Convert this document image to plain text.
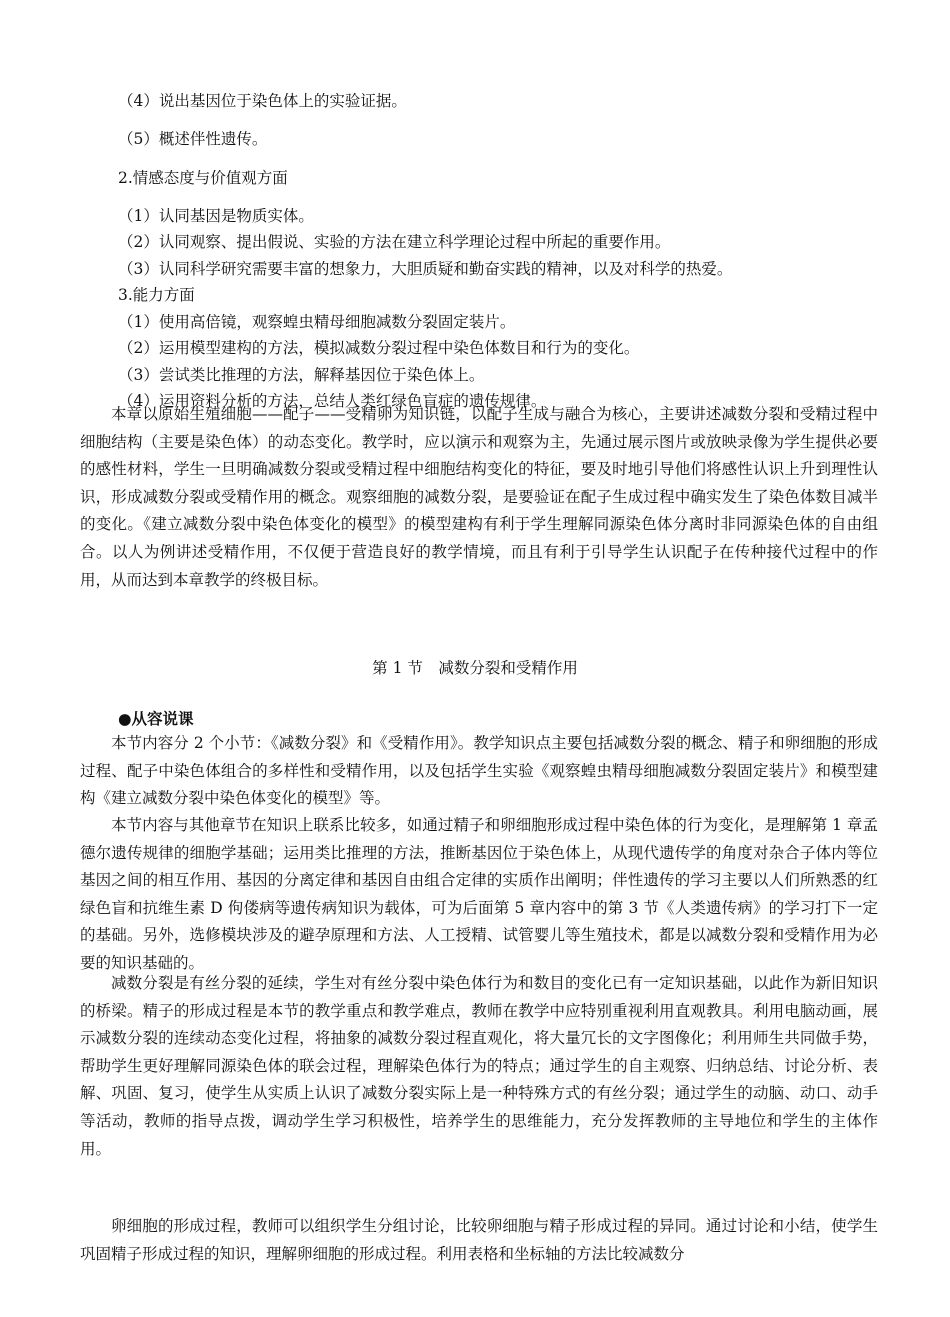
（4）说出基因位于染色体上的实验证据。
（5）概述伴性遗传。
2.情感态度与价值观方面
（1）认同基因是物质实体。
（2）认同观察、提出假说、实验的方法在建立科学理论过程中所起的重要作用。
（3）认同科学研究需要丰富的想象力，大胆质疑和勤奋实践的精神，以及对科学的热爱。
3.能力方面
（1）使用高倍镜，观察蝗虫精母细胞减数分裂固定装片。
（2）运用模型建构的方法，模拟减数分裂过程中染色体数目和行为的变化。
（3）尝试类比推理的方法，解释基因位于染色体上。
（4）运用资料分析的方法，总结人类红绿色盲症的遗传规律。

本章以原始生殖细胞——配子——受精卵为知识链，以配子生成与融合为核心，主要讲述减数分裂和受精过程中细胞结构（主要是染色体）的动态变化。教学时，应以演示和观察为主，先通过展示图片或放映录像为学生提供必要的感性材料，学生一旦明确减数分裂或受精过程中细胞结构变化的特征，要及时地引导他们将感性认识上升到理性认识，形成减数分裂或受精作用的概念。观察细胞的减数分裂，是要验证在配子生成过程中确实发生了染色体数目减半的变化。《建立减数分裂中染色体变化的模型》的模型建构有利于学生理解同源染色体分离时非同源染色体的自由组合。以人为例讲述受精作用，不仅便于营造良好的教学情境，而且有利于引导学生认识配子在传种接代过程中的作用，从而达到本章教学的终极目标。

第 1 节　减数分裂和受精作用
●从容说课

本节内容分 2 个小节：《减数分裂》和《受精作用》。教学知识点主要包括减数分裂的概念、精子和卵细胞的形成过程、配子中染色体组合的多样性和受精作用，以及包括学生实验《观察蝗虫精母细胞减数分裂固定装片》和模型建构《建立减数分裂中染色体变化的模型》等。

本节内容与其他章节在知识上联系比较多，如通过精子和卵细胞形成过程中染色体的行为变化，是理解第 1 章孟德尔遗传规律的细胞学基础；运用类比推理的方法，推断基因位于染色体上，从现代遗传学的角度对杂合子体内等位基因之间的相互作用、基因的分离定律和基因自由组合定律的实质作出阐明；伴性遗传的学习主要以人们所熟悉的红绿色盲和抗维生素 D 佝偻病等遗传病知识为载体，可为后面第 5 章内容中的第 3 节《人类遗传病》的学习打下一定的基础。另外，选修模块涉及的避孕原理和方法、人工授精、试管婴儿等生殖技术，都是以减数分裂和受精作用为必要的知识基础的。

减数分裂是有丝分裂的延续，学生对有丝分裂中染色体行为和数目的变化已有一定知识基础，以此作为新旧知识的桥梁。精子的形成过程是本节的教学重点和教学难点，教师在教学中应特别重视利用直观教具。利用电脑动画，展示减数分裂的连续动态变化过程，将抽象的减数分裂过程直观化，将大量冗长的文字图像化；利用师生共同做手势，帮助学生更好理解同源染色体的联会过程，理解染色体行为的特点；通过学生的自主观察、归纳总结、讨论分析、表解、巩固、复习，使学生从实质上认识了减数分裂实际上是一种特殊方式的有丝分裂；通过学生的动脑、动口、动手等活动，教师的指导点拨，调动学生学习积极性，培养学生的思维能力，充分发挥教师的主导地位和学生的主体作用。

卵细胞的形成过程，教师可以组织学生分组讨论，比较卵细胞与精子形成过程的异同。通过讨论和小结，使学生巩固精子形成过程的知识，理解卵细胞的形成过程。利用表格和坐标轴的方法比较减数分
